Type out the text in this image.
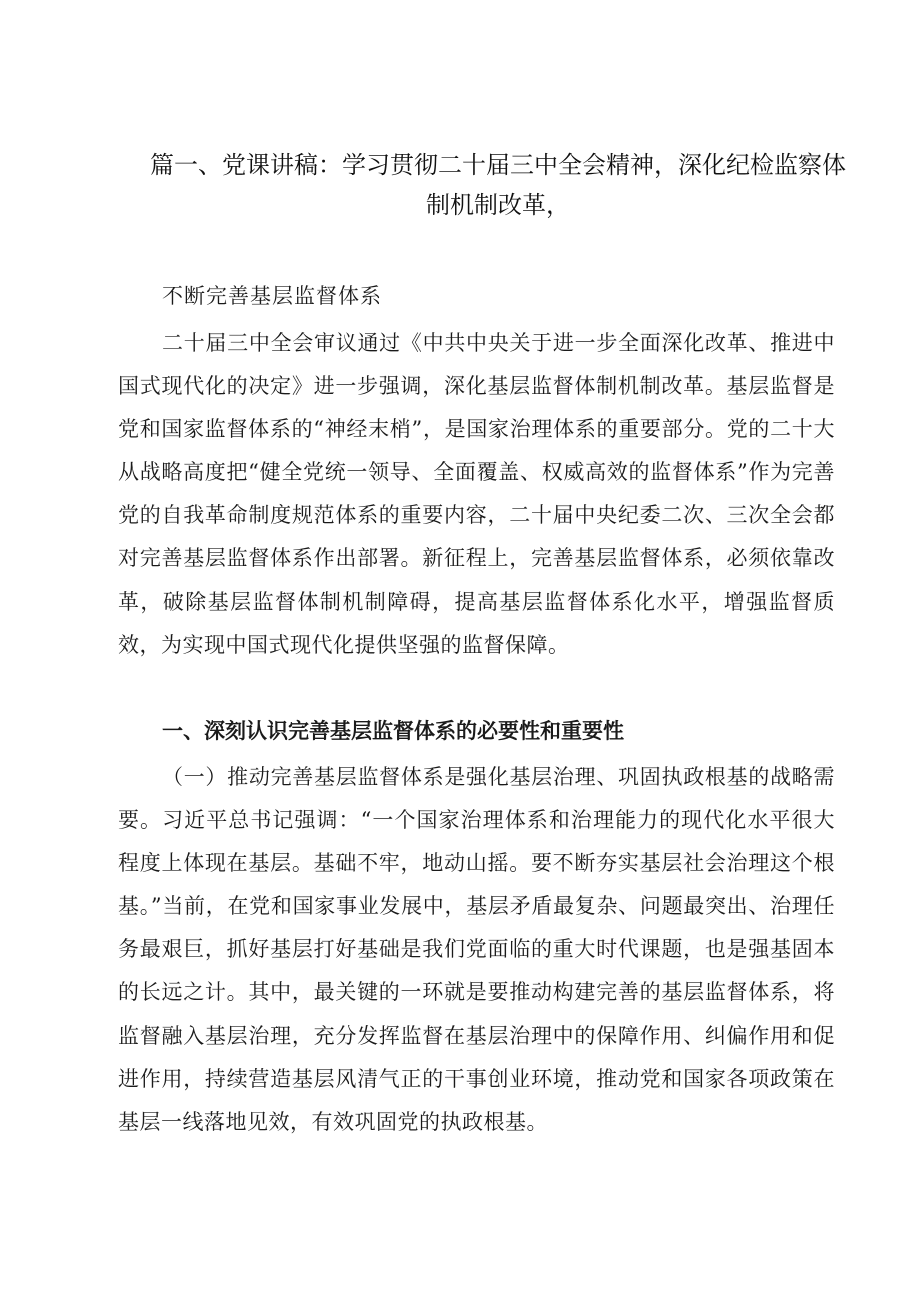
篇一、党课讲稿：学习贯彻二十届三中全会精神，深化纪检监察体
制机制改革，
不断完善基层监督体系

二十届三中全会审议通过《中共中央关于进一步全面深化改革、推进中国式现代化的决定》进一步强调，深化基层监督体制机制改革。基层监督是党和国家监督体系的“神经末梢”，是国家治理体系的重要部分。党的二十大从战略高度把“健全党统一领导、全面覆盖、权威高效的监督体系”作为完善党的自我革命制度规范体系的重要内容，二十届中央纪委二次、三次全会都对完善基层监督体系作出部署。新征程上，完善基层监督体系，必须依靠改革，破除基层监督体制机制障碍，提高基层监督体系化水平，增强监督质效，为实现中国式现代化提供坚强的监督保障。

一、深刻认识完善基层监督体系的必要性和重要性

（一）推动完善基层监督体系是强化基层治理、巩固执政根基的战略需要。习近平总书记强调：“一个国家治理体系和治理能力的现代化水平很大程度上体现在基层。基础不牢，地动山摇。要不断夯实基层社会治理这个根基。”当前，在党和国家事业发展中，基层矛盾最复杂、问题最突出、治理任务最艰巨，抓好基层打好基础是我们党面临的重大时代课题，也是强基固本的长远之计。其中，最关键的一环就是要推动构建完善的基层监督体系，将监督融入基层治理，充分发挥监督在基层治理中的保障作用、纠偏作用和促进作用，持续营造基层风清气正的干事创业环境，推动党和国家各项政策在基层一线落地见效，有效巩固党的执政根基。
